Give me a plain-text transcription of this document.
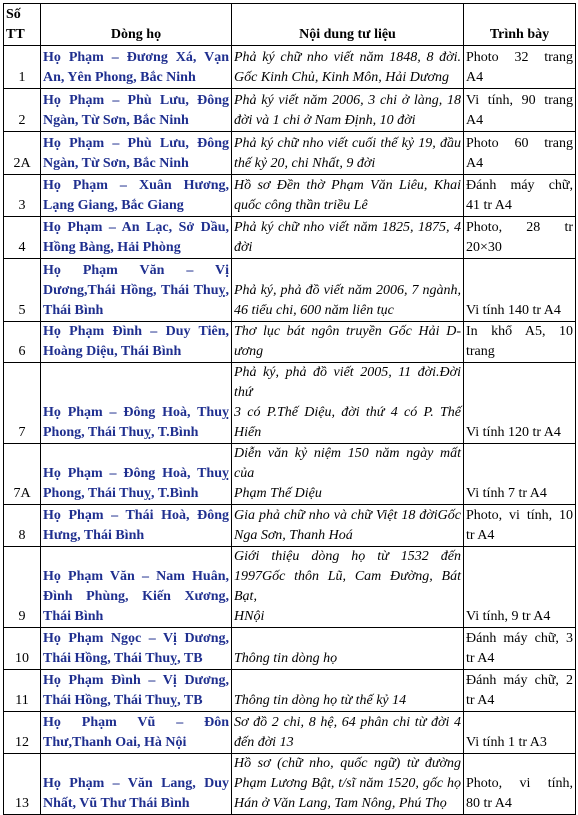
Số TT	Dòng họ	Nội dung tư liệu	Trình bày
1	Họ Phạm – Đương Xá, Vạn
An, Yên Phong, Bắc Ninh	Phả ký chữ nho viết năm 1848, 8 đời.
Gốc Kinh Chủ, Kinh Môn, Hải Dương	Photo 32 trang
A4

2	Họ Phạm – Phù Lưu, Đông
Ngàn, Từ Sơn, Bắc Ninh	Phả ký viết năm 2006, 3 chi ở làng, 18
đời và 1 chi ở Nam Định, 10 đời	Vi tính, 90 trang
A4

2A	Họ Phạm – Phù Lưu, Đông
Ngàn, Từ Sơn, Bắc Ninh	Phả ký chữ nho viết cuối thế kỷ 19, đầu
thế kỷ 20, chi Nhất, 9 đời	Photo 60 trang
A4

3	Họ Phạm – Xuân Hương,
Lạng Giang, Bắc Giang	Hồ sơ Đền thờ Phạm Văn Liêu, Khai
quốc công thần triều Lê	Đánh máy chữ,
41 tr A4

4	Họ Phạm – An Lạc, Sở Dầu,
Hồng Bàng, Hải Phòng	Phả ký chữ nho viết năm 1825, 1875, 4
đời	Photo, 28 tr
20×30

5	Họ Phạm Văn – Vị
Dương,Thái Hồng, Thái Thuỵ,
Thái Bình	Phả ký, phả đồ viết năm 2006, 7 ngành,
46 tiểu chi, 600 năm liên tục	Vi tính 140 tr A4

6	Họ Phạm Đình – Duy Tiên,
Hoàng Diệu, Thái Bình	Thơ lục bát ngôn truyền Gốc Hải D-
ương	In khổ A5, 10
trang

7	Họ Phạm – Đông Hoà, Thuỵ
Phong, Thái Thuỵ, T.Bình	Phả ký, phả đồ viết 2005, 11 đời.Đời thứ
3 có P.Thế Diệu, đời thứ 4 có P. Thế
Hiển	Vi tính 120 tr A4

7A	Họ Phạm – Đông Hoà, Thuỵ
Phong, Thái Thuỵ, T.Bình	Diễn văn kỷ niệm 150 năm ngày mất của
Phạm Thế Diệu	Vi tính 7 tr A4

8	Họ Phạm – Thái Hoà, Đông
Hưng, Thái Bình	Gia phả chữ nho và chữ Việt 18 đờiGốc
Nga Sơn, Thanh Hoá	Photo, vi tính, 10
tr A4

9	Họ Phạm Văn – Nam Huân,
Đình Phùng, Kiến Xương,
Thái Bình	Giới thiệu dòng họ từ 1532 đến
1997Gốc thôn Lũ, Cam Đường, Bát Bạt,
HNội	Vi tính, 9 tr A4

10	Họ Phạm Ngọc – Vị Dương,
Thái Hồng, Thái Thuỵ, TB	Thông tin dòng họ	Đánh máy chữ, 3
tr A4

11	Họ Phạm Đình – Vị Dương,
Thái Hồng, Thái Thuỵ, TB	Thông tin dòng họ từ thế kỷ 14	Đánh máy chữ, 2
tr A4

12	Họ Phạm Vũ – Đôn
Thư,Thanh Oai, Hà Nội	Sơ đồ 2 chi, 8 hệ, 64 phân chi từ đời 4
đến đời 13	Vi tính 1 tr A3

13	Họ Phạm – Văn Lang, Duy
Nhất, Vũ Thư Thái Bình	Hồ sơ (chữ nho, quốc ngữ) từ đường
Phạm Lương Bật, t/sĩ năm 1520, gốc họ
Hán ở Văn Lang, Tam Nông, Phú Thọ	Photo, vi tính,
80 tr A4
